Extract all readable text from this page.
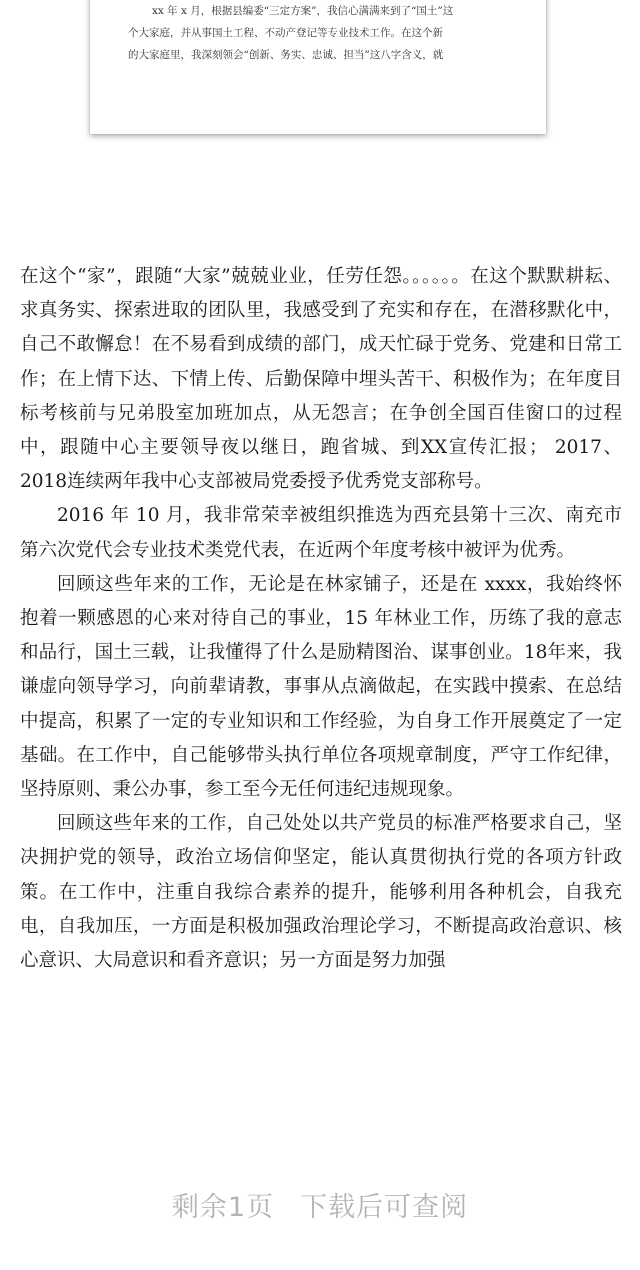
xx 年 x 月，根据县编委“三定方案”，我信心满满来到了“国土”这

个大家庭，并从事国土工程、不动产登记等专业技术工作。在这个新

的大家庭里，我深刻领会“创新、务实、忠诚、担当”这八字含义，就

在这个“家”，跟随“大家”兢兢业业，任劳任怨。。。。。。在这个默默耕耘、求真务实、探索进取的团队里，我感受到了充实和存在，在潜移默化中，自己不敢懈怠！在不易看到成绩的部门，成天忙碌于党务、党建和日常工作；在上情下达、下情上传、后勤保障中埋头苦干、积极作为；在年度目标考核前与兄弟股室加班加点，从无怨言；在争创全国百佳窗口的过程中，跟随中心主要领导夜以继日，跑省城、到XX宣传汇报； 2017、2018连续两年我中心支部被局党委授予优秀党支部称号。

2016 年 10 月，我非常荣幸被组织推选为西充县第十三次、南充市第六次党代会专业技术类党代表，在近两个年度考核中被评为优秀。

回顾这些年来的工作，无论是在林家铺子，还是在 xxxx，我始终怀抱着一颗感恩的心来对待自己的事业，15 年林业工作，历练了我的意志和品行，国土三载，让我懂得了什么是励精图治、谋事创业。18年来，我谦虚向领导学习，向前辈请教，事事从点滴做起，在实践中摸索、在总结中提高，积累了一定的专业知识和工作经验，为自身工作开展奠定了一定基础。在工作中，自己能够带头执行单位各项规章制度，严守工作纪律，坚持原则、秉公办事，参工至今无任何违纪违规现象。

回顾这些年来的工作，自己处处以共产党员的标准严格要求自己，坚决拥护党的领导，政治立场信仰坚定，能认真贯彻执行党的各项方针政策。在工作中，注重自我综合素养的提升，能够利用各种机会，自我充电，自我加压，一方面是积极加强政治理论学习，不断提高政治意识、核心意识、大局意识和看齐意识；另一方面是努力加强

剩余1页 下载后可查阅
